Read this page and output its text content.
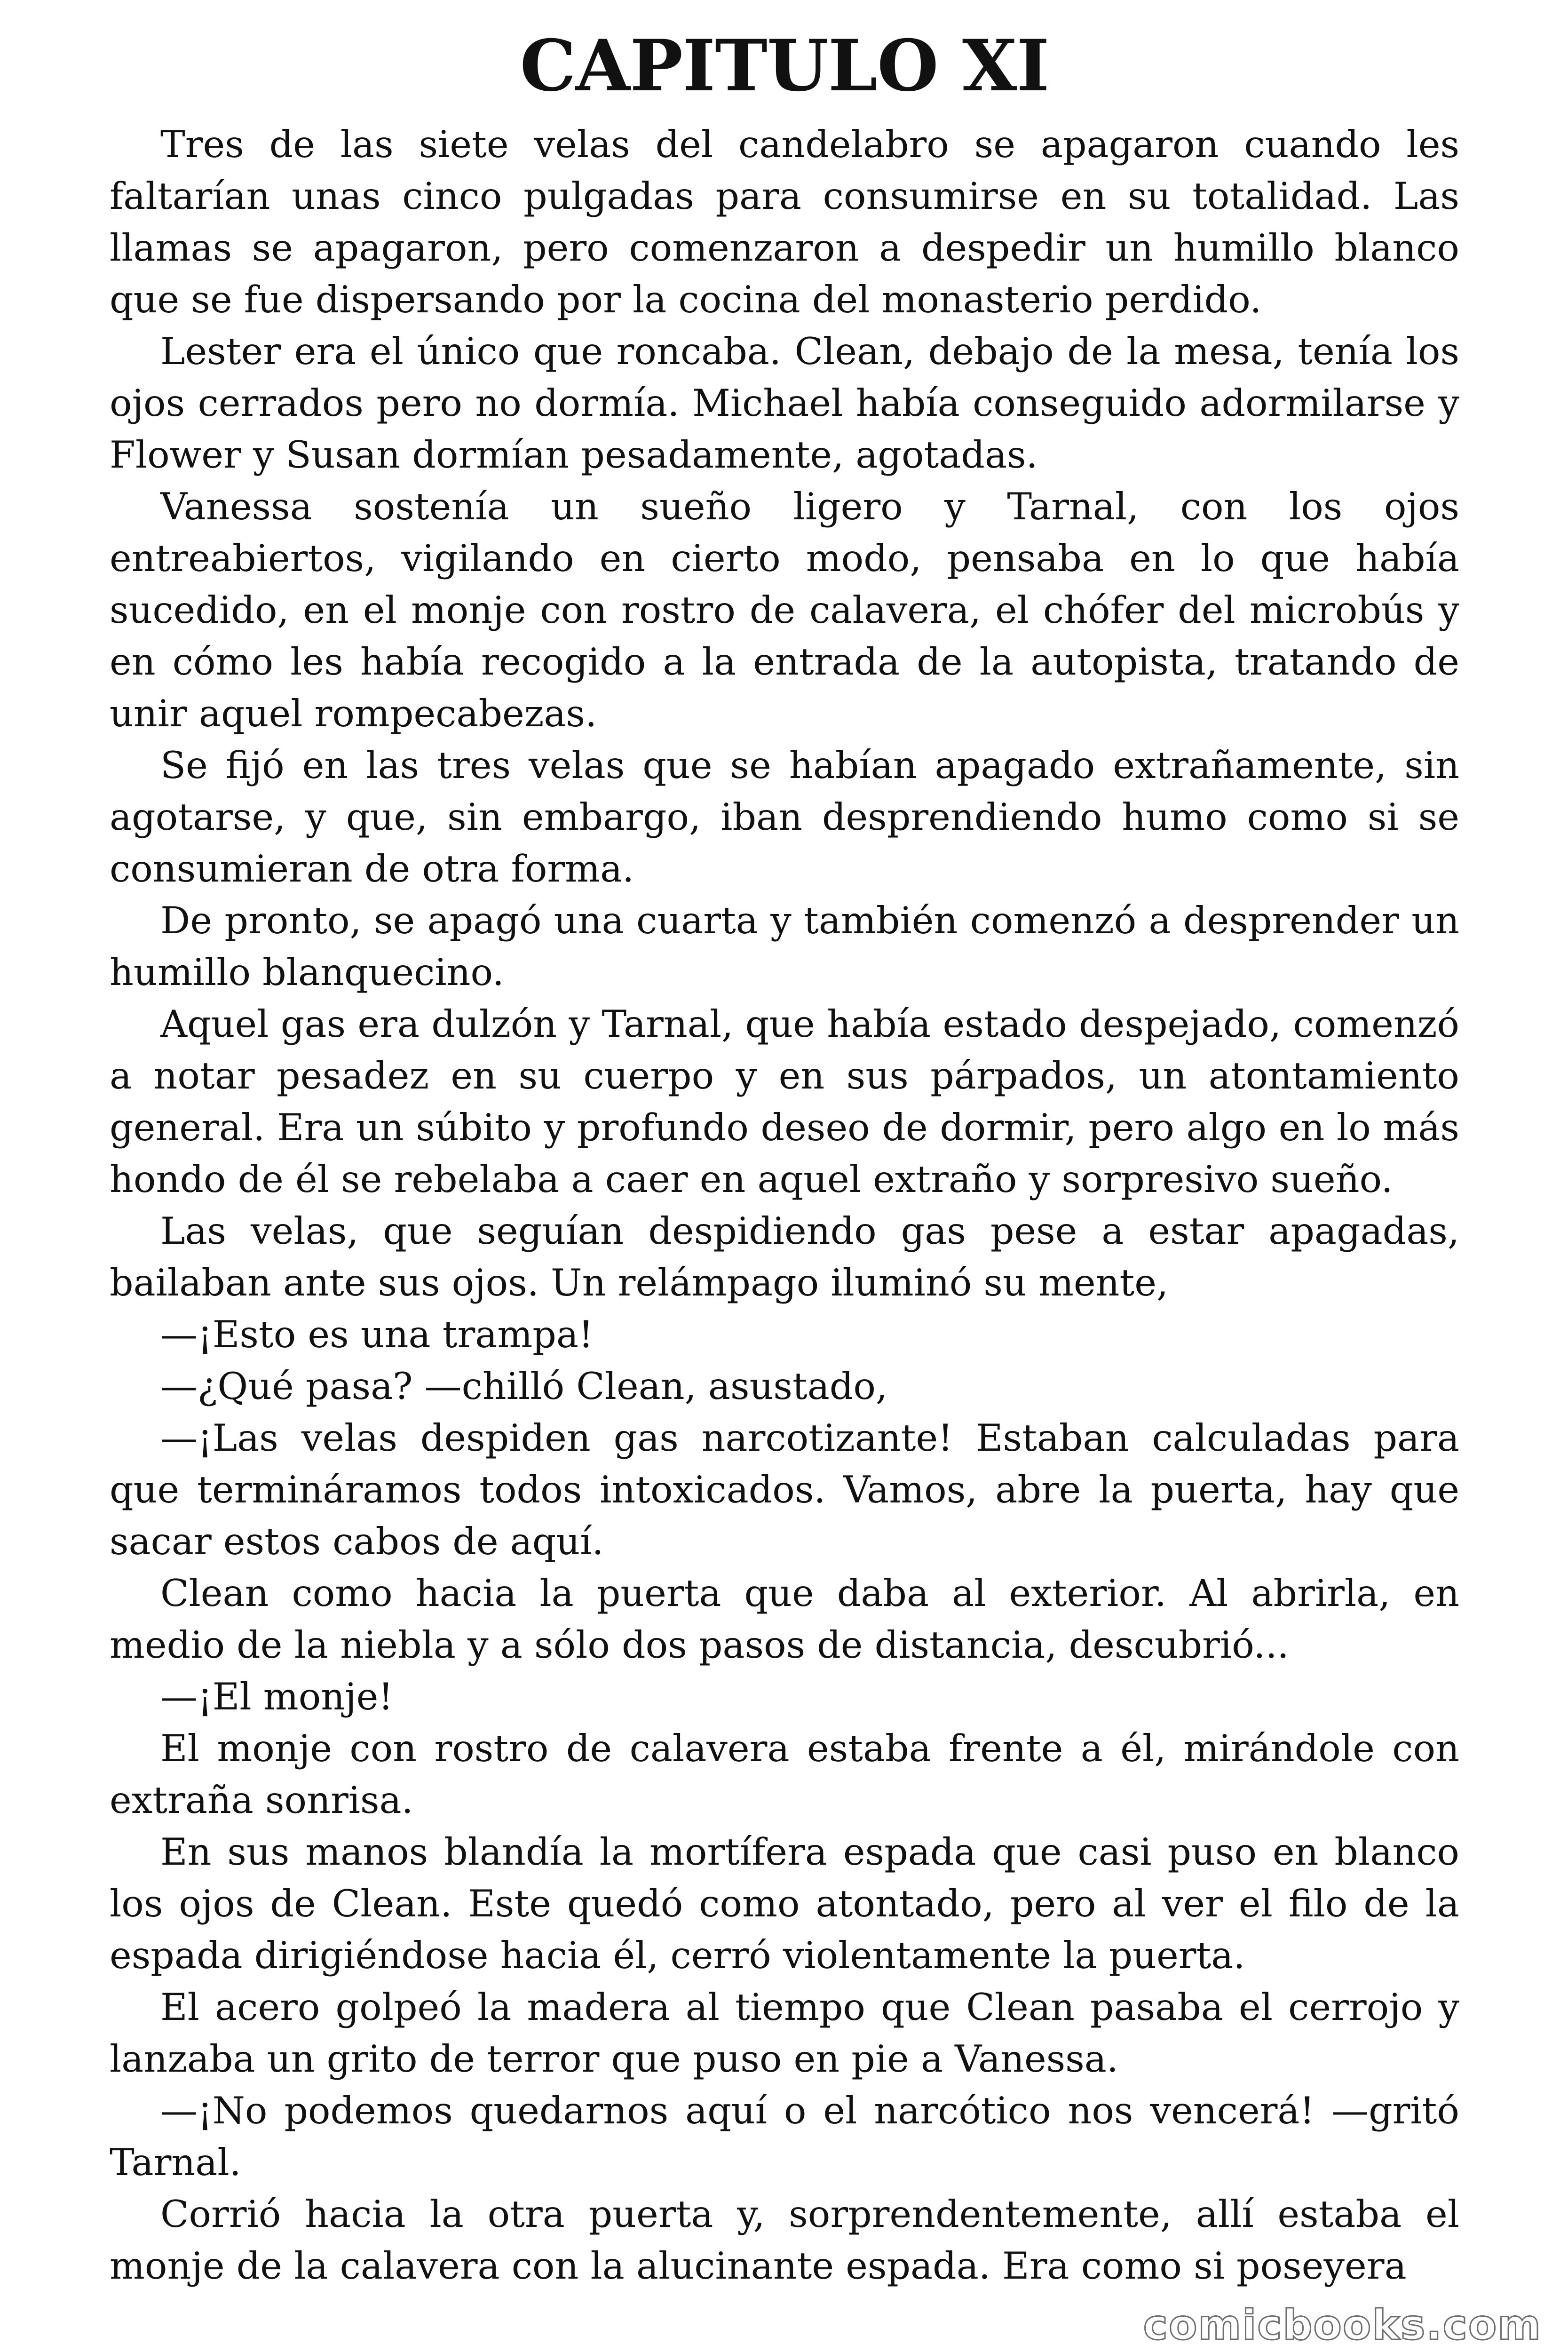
CAPITULO XI

Tres de las siete velas del candelabro se apagaron cuando les faltarían unas cinco pulgadas para consumirse en su totalidad. Las llamas se apagaron, pero comenzaron a despedir un humillo blanco que se fue dispersando por la cocina del monasterio perdido.

Lester era el único que roncaba. Clean, debajo de la mesa, tenía los ojos cerrados pero no dormía. Michael había conseguido adormilarse y Flower y Susan dormían pesadamente, agotadas.

Vanessa sostenía un sueño ligero y Tarnal, con los ojos entreabiertos, vigilando en cierto modo, pensaba en lo que había sucedido, en el monje con rostro de calavera, el chófer del microbús y en cómo les había recogido a la entrada de la autopista, tratando de unir aquel rompecabezas.

Se fijó en las tres velas que se habían apagado extrañamente, sin agotarse, y que, sin embargo, iban desprendiendo humo como si se consumieran de otra forma.

De pronto, se apagó una cuarta y también comenzó a desprender un humillo blanquecino.

Aquel gas era dulzón y Tarnal, que había estado despejado, comenzó a notar pesadez en su cuerpo y en sus párpados, un atontamiento general. Era un súbito y profundo deseo de dormir, pero algo en lo más hondo de él se rebelaba a caer en aquel extraño y sorpresivo sueño.

Las velas, que seguían despidiendo gas pese a estar apagadas, bailaban ante sus ojos. Un relámpago iluminó su mente,

—¡Esto es una trampa!

—¿Qué pasa? —chilló Clean, asustado,

—¡Las velas despiden gas narcotizante! Estaban calculadas para que termináramos todos intoxicados. Vamos, abre la puerta, hay que sacar estos cabos de aquí.

Clean como hacia la puerta que daba al exterior. Al abrirla, en medio de la niebla y a sólo dos pasos de distancia, descubrió...

—¡El monje!

El monje con rostro de calavera estaba frente a él, mirándole con extraña sonrisa.

En sus manos blandía la mortífera espada que casi puso en blanco los ojos de Clean. Este quedó como atontado, pero al ver el filo de la espada dirigiéndose hacia él, cerró violentamente la puerta.

El acero golpeó la madera al tiempo que Clean pasaba el cerrojo y lanzaba un grito de terror que puso en pie a Vanessa.

—¡No podemos quedarnos aquí o el narcótico nos vencerá! —gritó Tarnal.

Corrió hacia la otra puerta y, sorprendentemente, allí estaba el monje de la calavera con la alucinante espada. Era como si poseyera

comicbooks.com
